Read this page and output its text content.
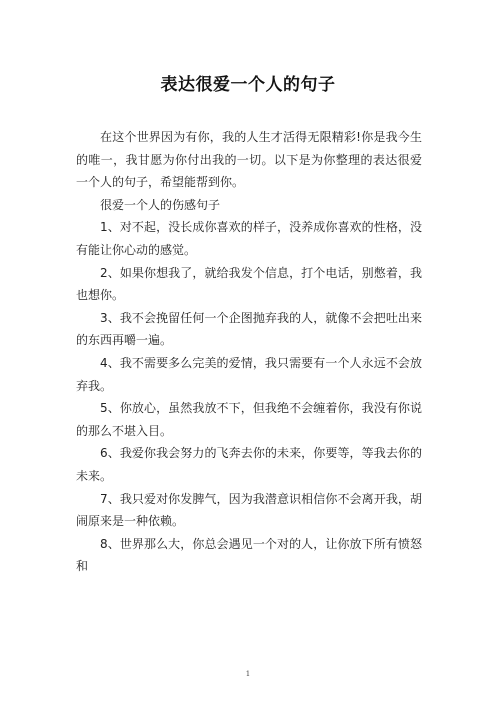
表达很爱一个人的句子

在这个世界因为有你，我的人生才活得无限精彩!你是我今生的唯一，我甘愿为你付出我的一切。以下是为你整理的表达很爱一个人的句子，希望能帮到你。

很爱一个人的伤感句子

1、对不起，没长成你喜欢的样子，没养成你喜欢的性格，没有能让你心动的感觉。

2、如果你想我了，就给我发个信息，打个电话，别憋着，我也想你。

3、我不会挽留任何一个企图抛弃我的人，就像不会把吐出来的东西再嚼一遍。

4、我不需要多么完美的爱情，我只需要有一个人永远不会放弃我。

5、你放心，虽然我放不下，但我绝不会缠着你，我没有你说的那么不堪入目。

6、我爱你我会努力的飞奔去你的未来，你要等，等我去你的未来。

7、我只爱对你发脾气，因为我潜意识相信你不会离开我，胡闹原来是一种依赖。

8、世界那么大，你总会遇见一个对的人，让你放下所有愤怒和

1
